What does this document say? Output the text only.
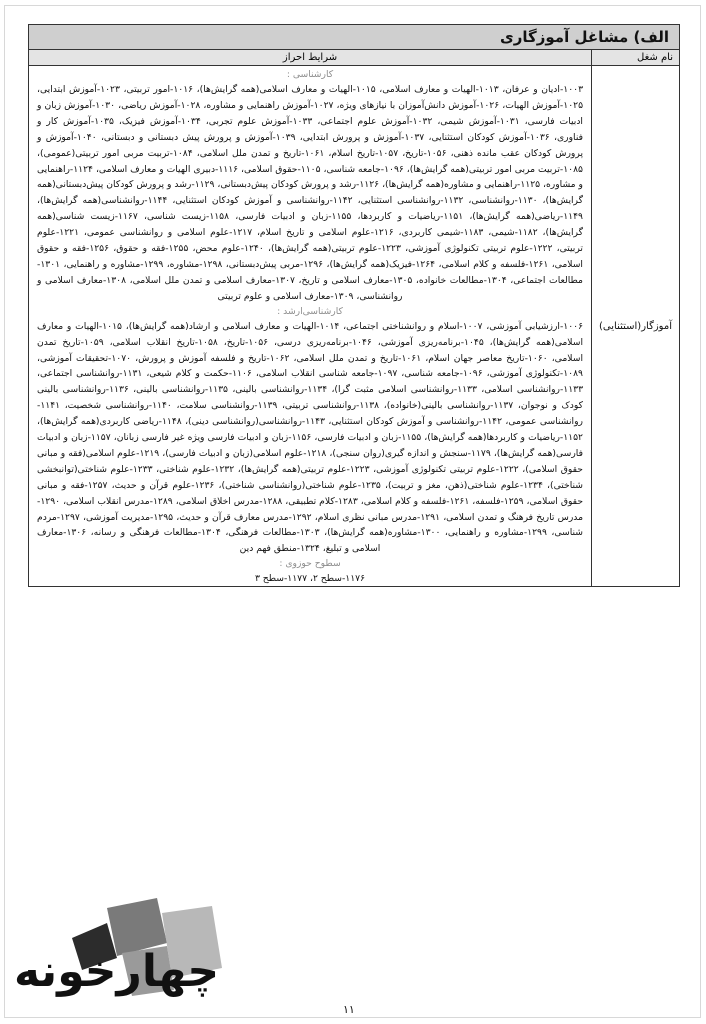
الف) مشاغل آموزگاری
نام شغل
شرایط احراز
آموزگار(استثنایی)
کارشناسی :

۱۰۰۳-ادیان و عرفان، ۱۰۱۳-الهیات و معارف اسلامی، ۱۰۱۵-الهیات و معارف اسلامی(همه گرایش‌ها)، ۱۰۱۶-امور تربیتی، ۱۰۲۳-آموزش ابتدایی، ۱۰۲۵-آموزش الهیات، ۱۰۲۶-آموزش دانش‌آموزان با نیازهای ویژه، ۱۰۲۷-آموزش راهنمایی و مشاوره، ۱۰۲۸-آموزش ریاضی، ۱۰۳۰-آموزش زبان و ادبیات فارسی، ۱۰۳۱-آموزش شیمی، ۱۰۳۲-آموزش علوم اجتماعی، ۱۰۳۳-آموزش علوم تجربی، ۱۰۳۴-آموزش فیزیک، ۱۰۳۵-آموزش کار و فناوری، ۱۰۳۶-آموزش کودکان استثنایی، ۱۰۳۷-آموزش و پرورش ابتدایی، ۱۰۳۹-آموزش و پرورش پیش دبستانی و دبستانی، ۱۰۴۰-آموزش و پرورش کودکان عقب مانده ذهنی، ۱۰۵۶-تاریخ، ۱۰۵۷-تاریخ اسلام، ۱۰۶۱-تاریخ و تمدن ملل اسلامی، ۱۰۸۴-تربیت مربی امور تربیتی(عمومی)، ۱۰۸۵-تربیت مربی امور تربیتی(همه گرایش‌ها)، ۱۰۹۶-جامعه شناسی، ۱۱۰۵-حقوق اسلامی، ۱۱۱۶-دبیری الهیات و معارف اسلامی، ۱۱۲۴-راهنمایی و مشاوره، ۱۱۲۵-راهنمایی و مشاوره(همه گرایش‌ها)، ۱۱۲۶-رشد و پرورش کودکان پیش‌دبستانی، ۱۱۲۹-رشد و پرورش کودکان پیش‌دبستانی(همه گرایش‌ها)، ۱۱۳۰-روانشناسی، ۱۱۳۲-روانشناسی استثنایی، ۱۱۴۲-روانشناسی و آموزش کودکان استثنایی، ۱۱۴۴-روانشناسی(همه گرایش‌ها)، ۱۱۴۹-ریاضی(همه گرایش‌ها)، ۱۱۵۱-ریاضیات و کاربردها، ۱۱۵۵-زبان و ادبیات فارسی، ۱۱۵۸-زیست شناسی، ۱۱۶۷-زیست شناسی(همه گرایش‌ها)، ۱۱۸۲-شیمی، ۱۱۸۳-شیمی کاربردی، ۱۲۱۶-علوم اسلامی و تاریخ اسلام، ۱۲۱۷-علوم اسلامی و روانشناسی عمومی، ۱۲۲۱-علوم تربیتی، ۱۲۲۲-علوم تربیتی تکنولوژی آموزشی، ۱۲۲۳-علوم تربیتی(همه گرایش‌ها)، ۱۲۴۰-علوم محض، ۱۲۵۵-فقه و حقوق، ۱۲۵۶-فقه و حقوق اسلامی، ۱۲۶۱-فلسفه و کلام اسلامی، ۱۲۶۴-فیزیک(همه گرایش‌ها)، ۱۲۹۶-مربی پیش‌دبستانی، ۱۲۹۸-مشاوره، ۱۲۹۹-مشاوره و راهنمایی، ۱۳۰۱-مطالعات اجتماعی، ۱۳۰۴-مطالعات خانواده، ۱۳۰۵-معارف اسلامی و تاریخ، ۱۳۰۷-معارف اسلامی و تمدن ملل اسلامی، ۱۳۰۸-معارف اسلامی و روانشناسی، ۱۳۰۹-معارف اسلامی و علوم تربیتی

کارشناسی‌ارشد :

۱۰۰۶-ارزشیابی آموزشی، ۱۰۰۷-اسلام و روانشناختی اجتماعی، ۱۰۱۴-الهیات و معارف اسلامی و ارشاد(همه گرایش‌ها)، ۱۰۱۵-الهیات و معارف اسلامی(همه گرایش‌ها)، ۱۰۴۵-برنامه‌ریزی آموزشی، ۱۰۴۶-برنامه‌ریزی درسی، ۱۰۵۶-تاریخ، ۱۰۵۸-تاریخ انقلاب اسلامی، ۱۰۵۹-تاریخ تمدن اسلامی، ۱۰۶۰-تاریخ معاصر جهان اسلام، ۱۰۶۱-تاریخ و تمدن ملل اسلامی، ۱۰۶۲-تاریخ و فلسفه آموزش و پرورش، ۱۰۷۰-تحقیقات آموزشی، ۱۰۸۹-تکنولوژی آموزشی، ۱۰۹۶-جامعه شناسی، ۱۰۹۷-جامعه شناسی انقلاب اسلامی، ۱۱۰۶-حکمت و کلام شیعی، ۱۱۳۱-روانشناسی اجتماعی، ۱۱۳۳-روانشناسی اسلامی، ۱۱۳۳-روانشناسی اسلامی مثبت گرا)، ۱۱۳۴-روانشناسی بالینی، ۱۱۳۵-روانشناسی بالینی، ۱۱۳۶-روانشناسی بالینی کودک و نوجوان، ۱۱۳۷-روانشناسی بالینی(خانواده)، ۱۱۳۸-روانشناسی تربیتی، ۱۱۳۹-روانشناسی سلامت، ۱۱۴۰-روانشناسی شخصیت، ۱۱۴۱-روانشناسی عمومی، ۱۱۴۲-روانشناسی و آموزش کودکان استثنایی، ۱۱۴۳-روانشناسی(روانشناسی دینی)، ۱۱۴۸-ریاضی کاربردی(همه گرایش‌ها)، ۱۱۵۲-ریاضیات و کاربردها(همه گرایش‌ها)، ۱۱۵۵-زبان و ادبیات فارسی، ۱۱۵۶-زبان و ادبیات فارسی ویژه غیر فارسی زبانان، ۱۱۵۷-زبان و ادبیات فارسی(همه گرایش‌ها)، ۱۱۷۹-سنجش و اندازه گیری(روان سنجی)، ۱۲۱۸-علوم اسلامی(زبان و ادبیات فارسی)، ۱۲۱۹-علوم اسلامی(فقه و مبانی حقوق اسلامی)، ۱۲۲۲-علوم تربیتی تکنولوژی آموزشی، ۱۲۲۳-علوم تربیتی(همه گرایش‌ها)، ۱۲۳۲-علوم شناختی، ۱۲۳۳-علوم شناختی(توانبخشی شناختی)، ۱۲۳۴-علوم شناختی(ذهن، مغز و تربیت)، ۱۲۳۵-علوم شناختی(روانشناسی شناختی)، ۱۲۳۶-علوم قرآن و حدیث، ۱۲۵۷-فقه و مبانی حقوق اسلامی، ۱۲۵۹-فلسفه، ۱۲۶۱-فلسفه و کلام اسلامی، ۱۲۸۳-کلام تطبیقی، ۱۲۸۸-مدرس اخلاق اسلامی، ۱۲۸۹-مدرس انقلاب اسلامی، ۱۲۹۰-مدرس تاریخ فرهنگ و تمدن اسلامی، ۱۲۹۱-مدرس مبانی نظری اسلام، ۱۲۹۲-مدرس معارف قرآن و حدیث، ۱۲۹۵-مدیریت آموزشی، ۱۲۹۷-مردم شناسی، ۱۲۹۹-مشاوره و راهنمایی، ۱۳۰۰-مشاوره(همه گرایش‌ها)، ۱۳۰۳-مطالعات فرهنگی، ۱۳۰۴-مطالعات فرهنگی و رسانه، ۱۳۰۶-معارف اسلامی و تبلیغ، ۱۳۲۴-منطق فهم دین

سطوح حوزوی :

۱۱۷۶-سطح ۲، ۱۱۷۷-سطح ۳

چهارخونه
۱۱
